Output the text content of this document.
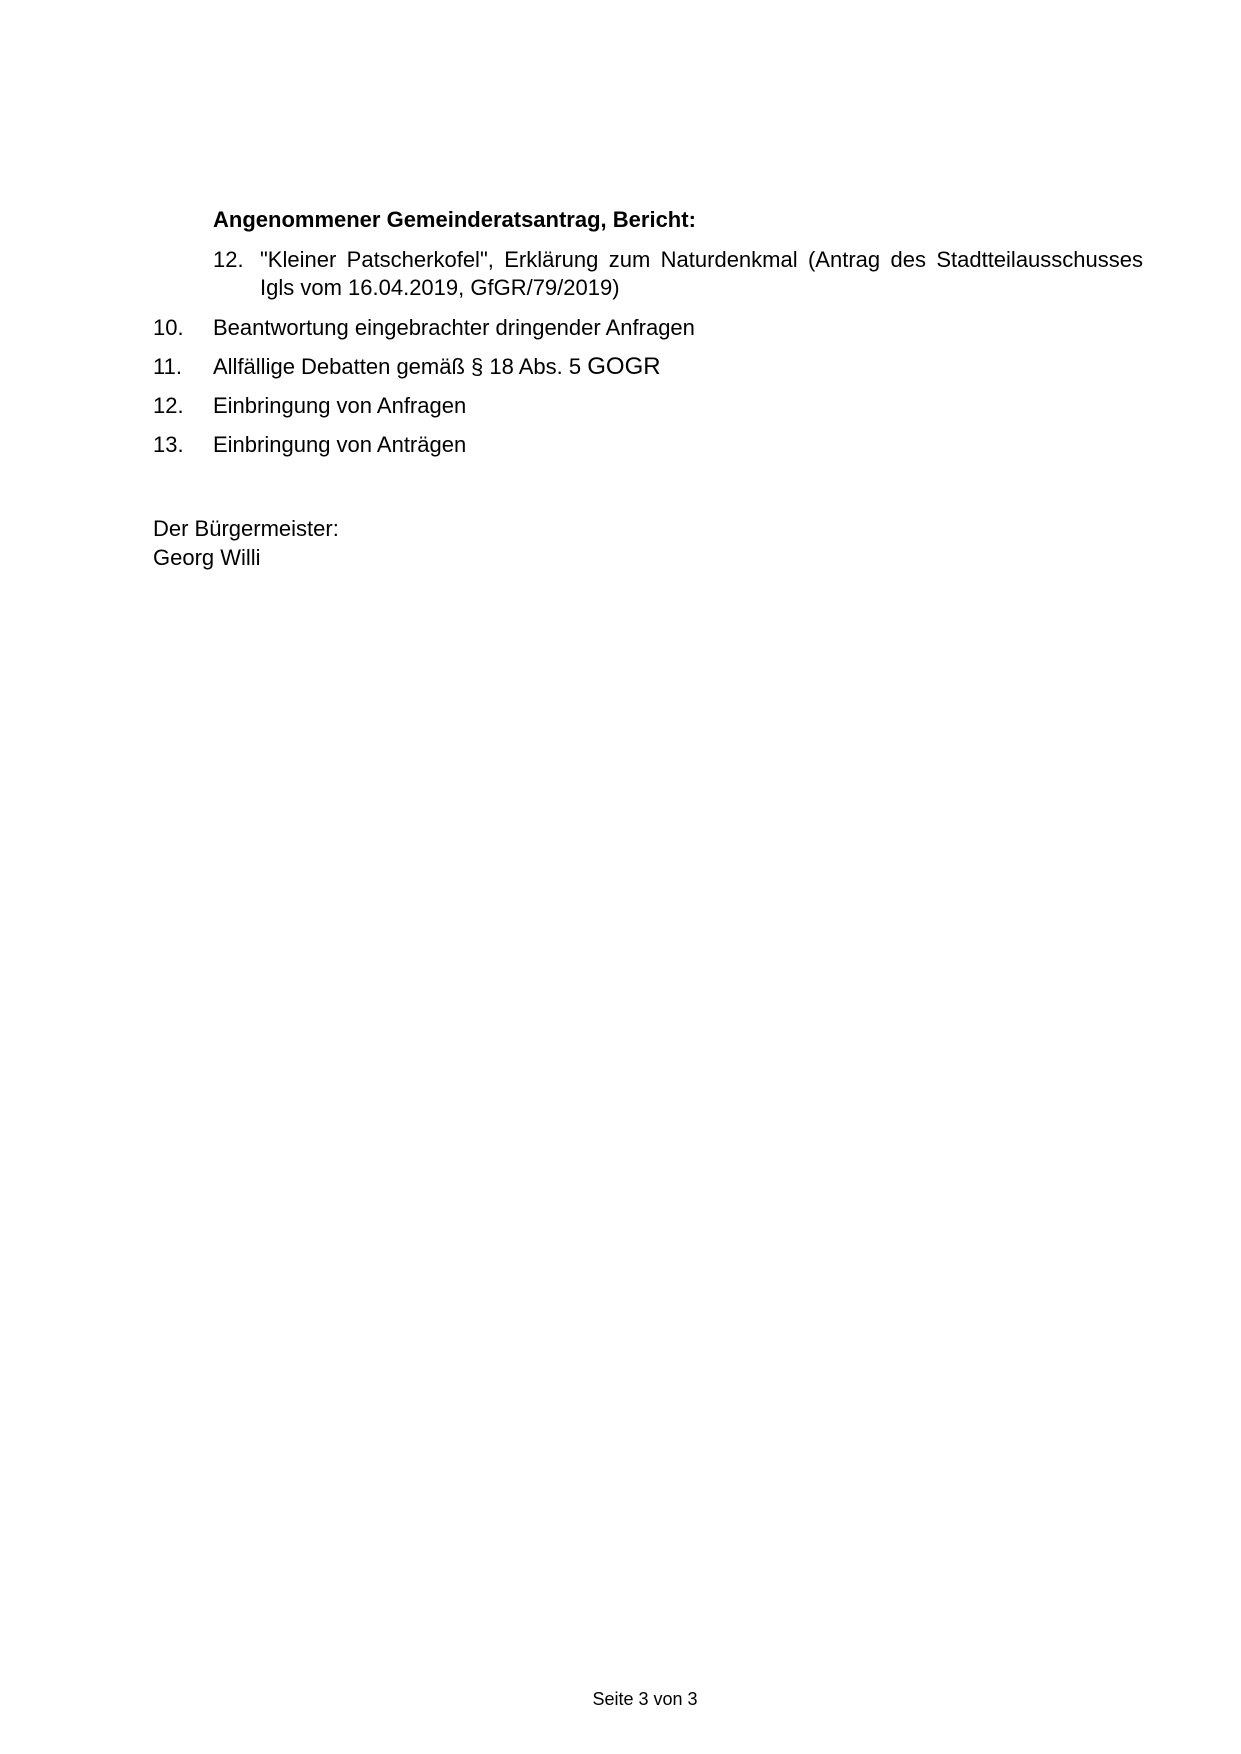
Angenommener Gemeinderatsantrag, Bericht:
12. "Kleiner Patscherkofel", Erklärung zum Naturdenkmal (Antrag des Stadtteilausschusses Igls vom 16.04.2019, GfGR/79/2019)
10. Beantwortung eingebrachter dringender Anfragen
11. Allfällige Debatten gemäß § 18 Abs. 5 GOGR
12. Einbringung von Anfragen
13. Einbringung von Anträgen
Der Bürgermeister:
Georg Willi
Seite 3 von 3
